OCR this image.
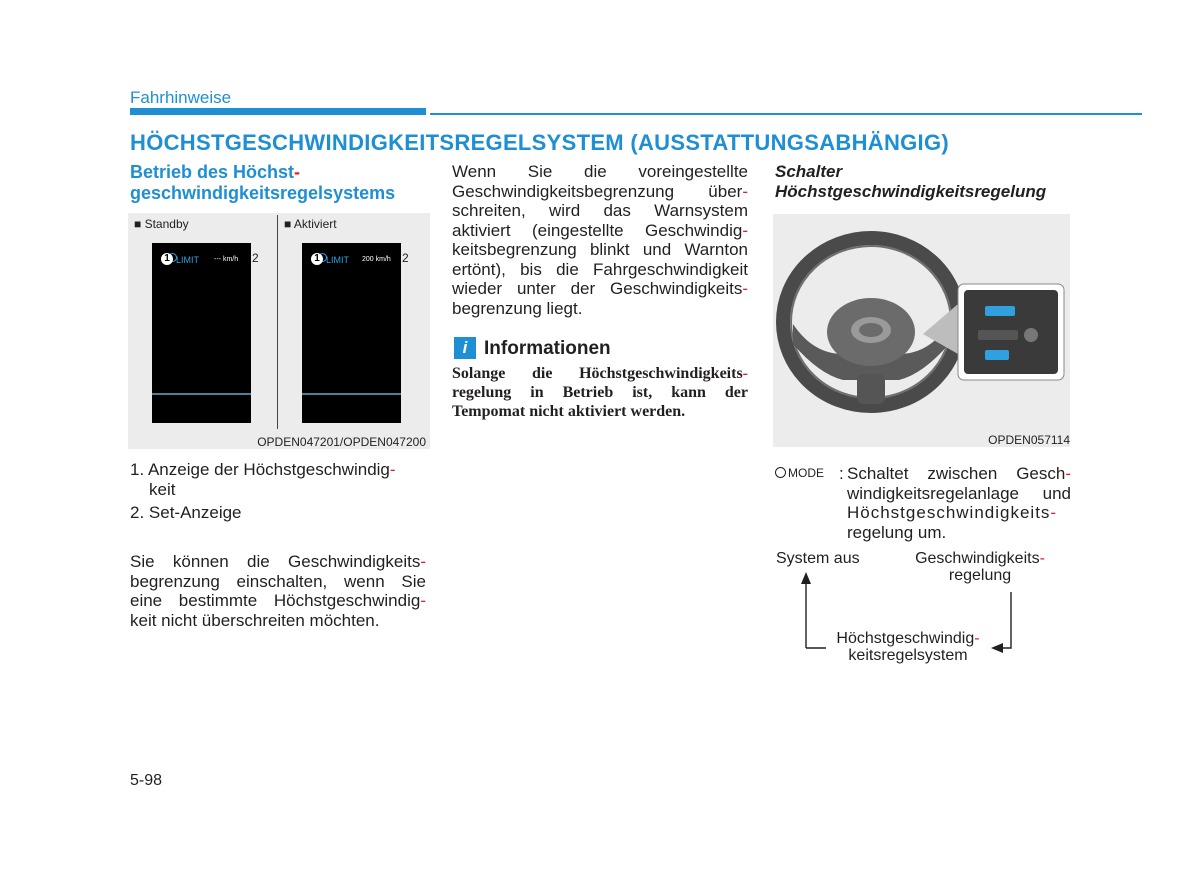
Fahrhinweise
HÖCHSTGESCHWINDIGKEITSREGELSYSTEM (AUSSTATTUNGSABHÄNGIG)
Betrieb des Höchst-
geschwindigkeitsregelsystems
■ Standby	■ Aktiviert
LIMIT --- km/h
1	2	LIMIT 200 km/h
1	2
OPDEN047201/OPDEN047200
1. Anzeige der Höchstgeschwindig-
keit
2. Set-Anzeige
Sie können die Geschwindigkeits-
begrenzung einschalten, wenn Sie
eine bestimmte Höchstgeschwindig-
keit nicht überschreiten möchten.
Wenn Sie die voreingestellte
Geschwindigkeitsbegrenzung über-
schreiten, wird das Warnsystem
aktiviert (eingestellte Geschwindig-
keitsbegrenzung blinkt und Warnton
ertönt), bis die Fahrgeschwindigkeit
wieder unter der Geschwindigkeits-
begrenzung liegt.
i Informationen
Solange die Höchstgeschwindigkeits-
regelung in Betrieb ist, kann der
Tempomat nicht aktiviert werden.
Schalter
Höchstgeschwindigkeitsregelung
OPDEN057114
MODE : Schaltet zwischen Gesch-
windigkeitsregelanlage und
Höchstgeschwindigkeits-
regelung um.
System aus	Geschwindigkeits-
regelung
Höchstgeschwindig-
keitsregelsystem
5-98
